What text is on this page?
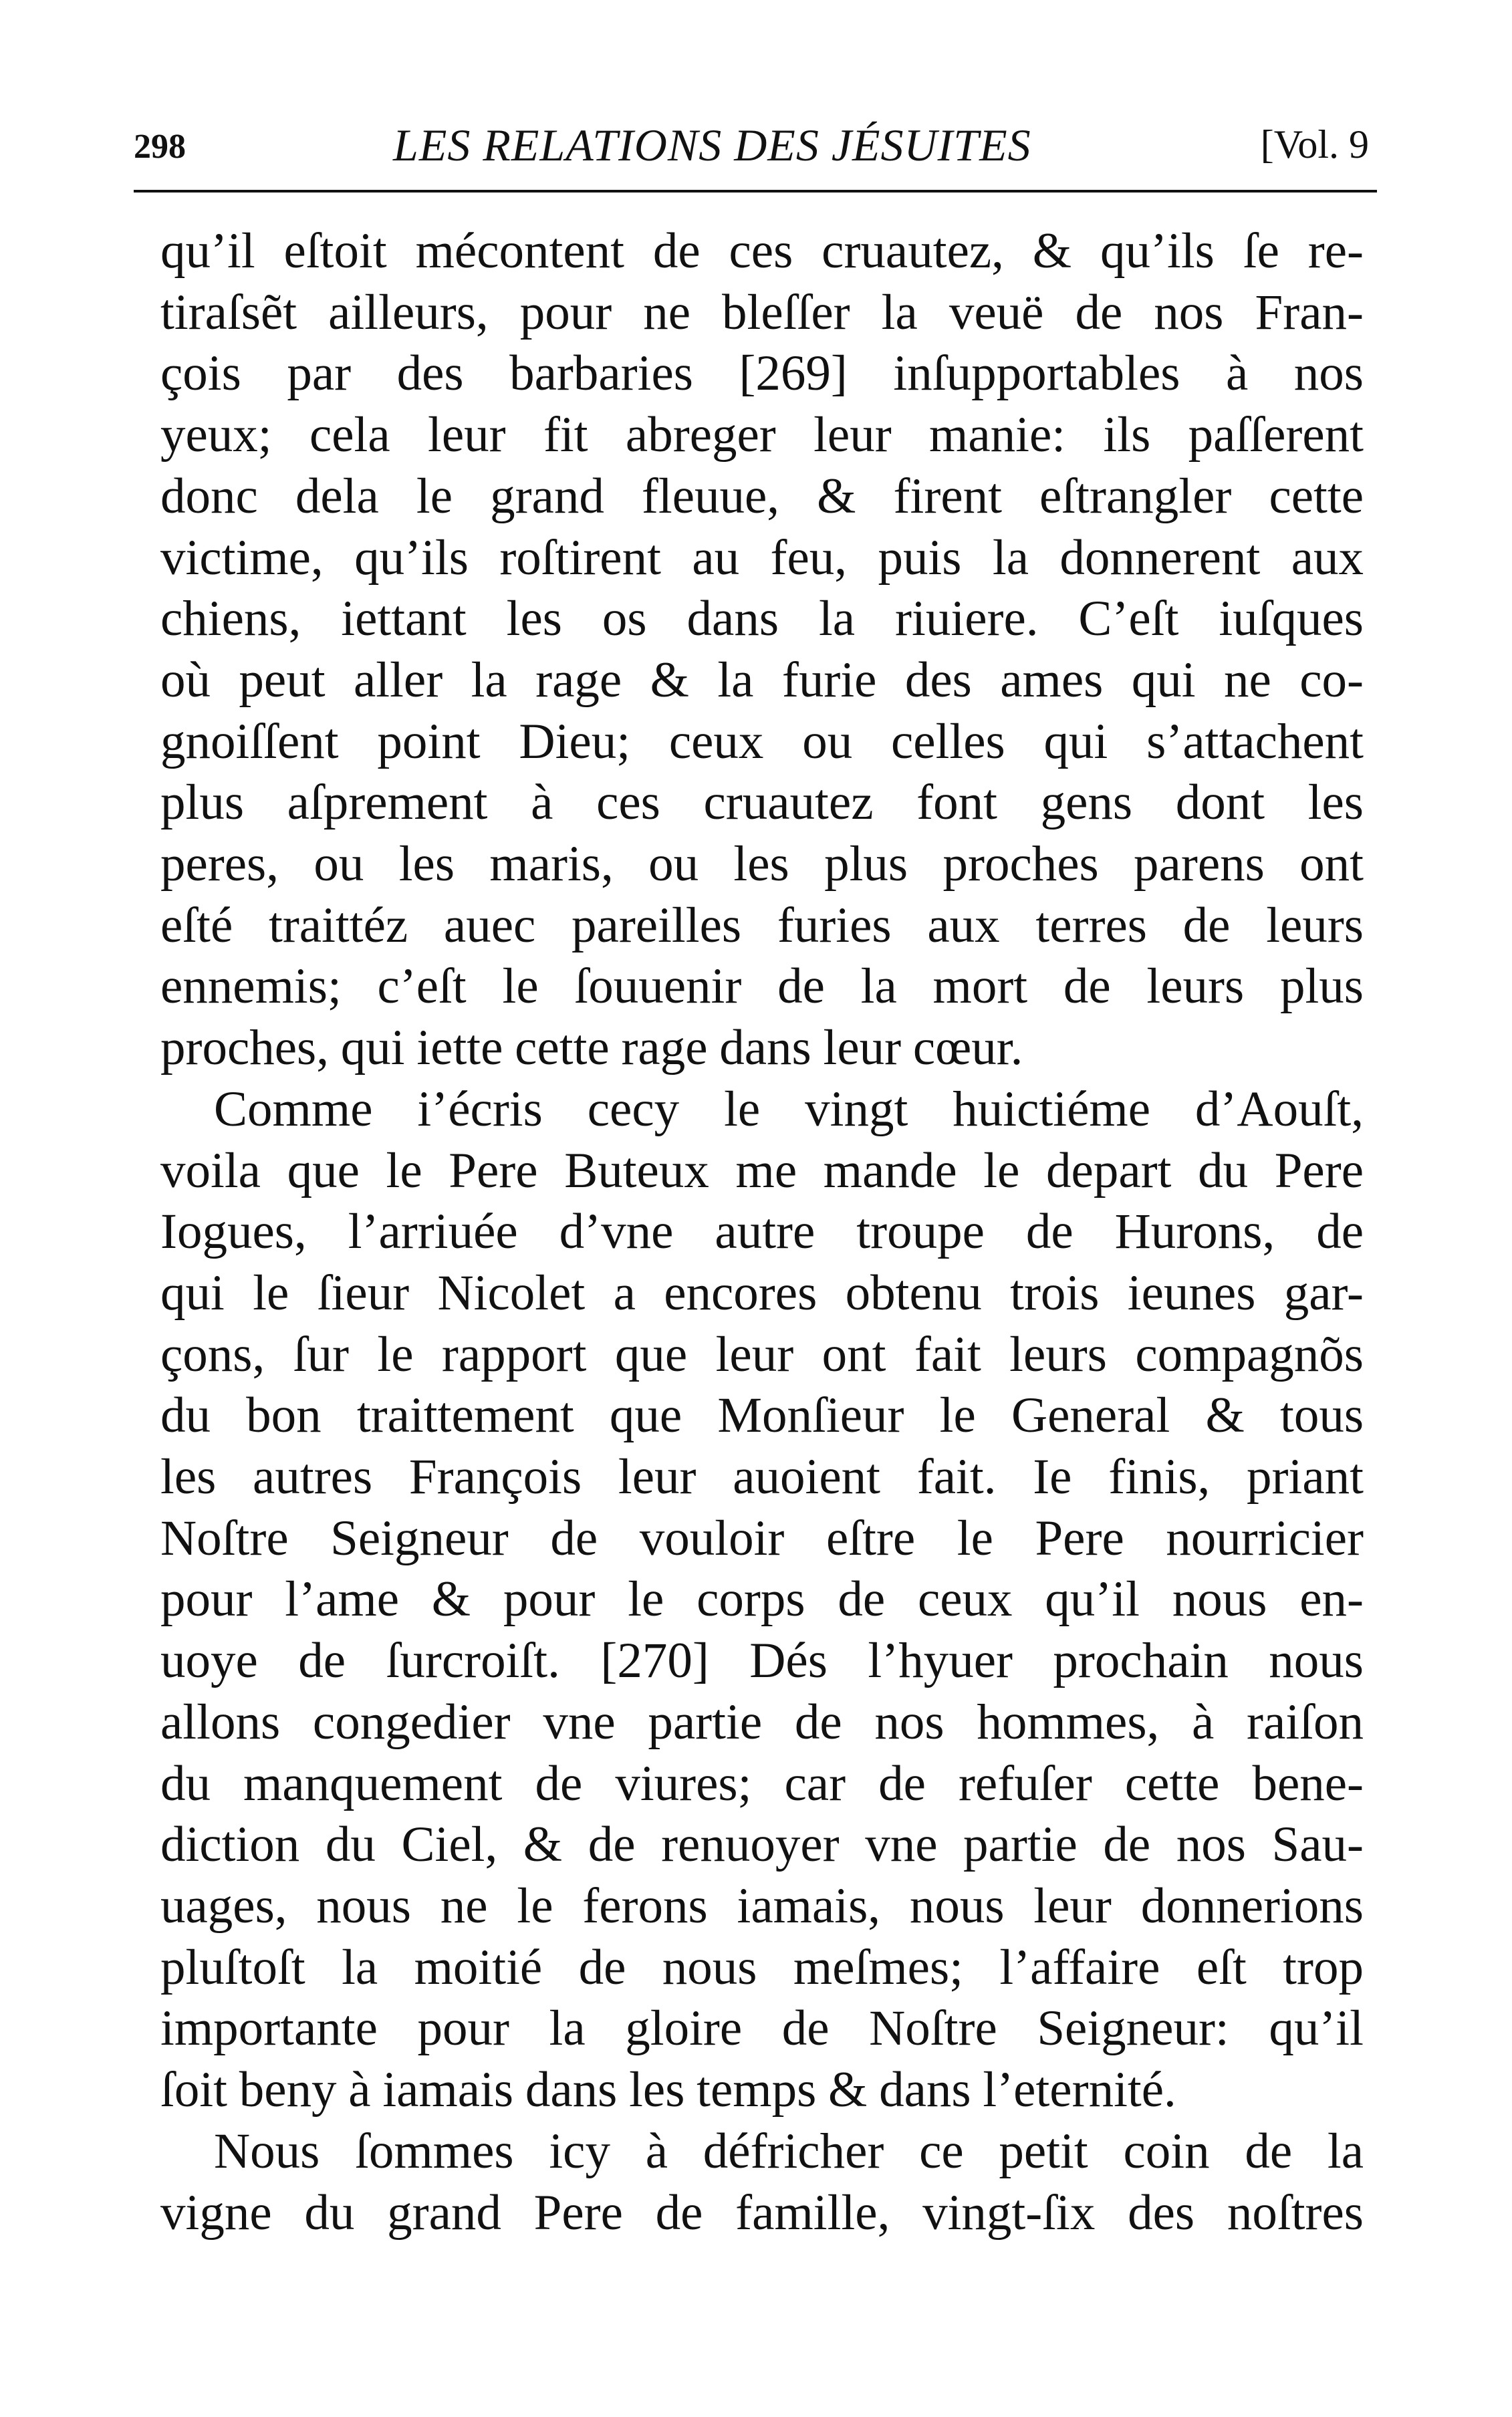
298	LES RELATIONS DES JÉSUITES	[Vol. 9
qu’il eſtoit mécontent de ces cruautez, & qu’ils ſe re-
tiraſsẽt ailleurs, pour ne bleſſer la veuë de nos Fran-
çois par des barbaries [269] inſupportables à nos
yeux; cela leur fit abreger leur manie: ils paſſerent
donc dela le grand fleuue, & firent eſtrangler cette
victime, qu’ils roſtirent au feu, puis la donnerent aux
chiens, iettant les os dans la riuiere. C’eſt iuſques
où peut aller la rage & la furie des ames qui ne co-
gnoiſſent point Dieu; ceux ou celles qui s’attachent
plus aſprement à ces cruautez font gens dont les
peres, ou les maris, ou les plus proches parens ont
eſté traittéz auec pareilles furies aux terres de leurs
ennemis; c’eſt le ſouuenir de la mort de leurs plus
proches, qui iette cette rage dans leur cœur.
Comme i’écris cecy le vingt huictiéme d’Aouſt,
voila que le Pere Buteux me mande le depart du Pere
Iogues, l’arriuée d’vne autre troupe de Hurons, de
qui le ſieur Nicolet a encores obtenu trois ieunes gar-
çons, ſur le rapport que leur ont fait leurs compagnõs
du bon traittement que Monſieur le General & tous
les autres François leur auoient fait. Ie finis, priant
Noſtre Seigneur de vouloir eſtre le Pere nourricier
pour l’ame & pour le corps de ceux qu’il nous en-
uoye de ſurcroiſt. [270] Dés l’hyuer prochain nous
allons congedier vne partie de nos hommes, à raiſon
du manquement de viures; car de refuſer cette bene-
diction du Ciel, & de renuoyer vne partie de nos Sau-
uages, nous ne le ferons iamais, nous leur donnerions
pluſtoſt la moitié de nous meſmes; l’affaire eſt trop
importante pour la gloire de Noſtre Seigneur: qu’il
ſoit beny à iamais dans les temps & dans l’eternité.
Nous ſommes icy à défricher ce petit coin de la
vigne du grand Pere de famille, vingt-ſix des noſtres
